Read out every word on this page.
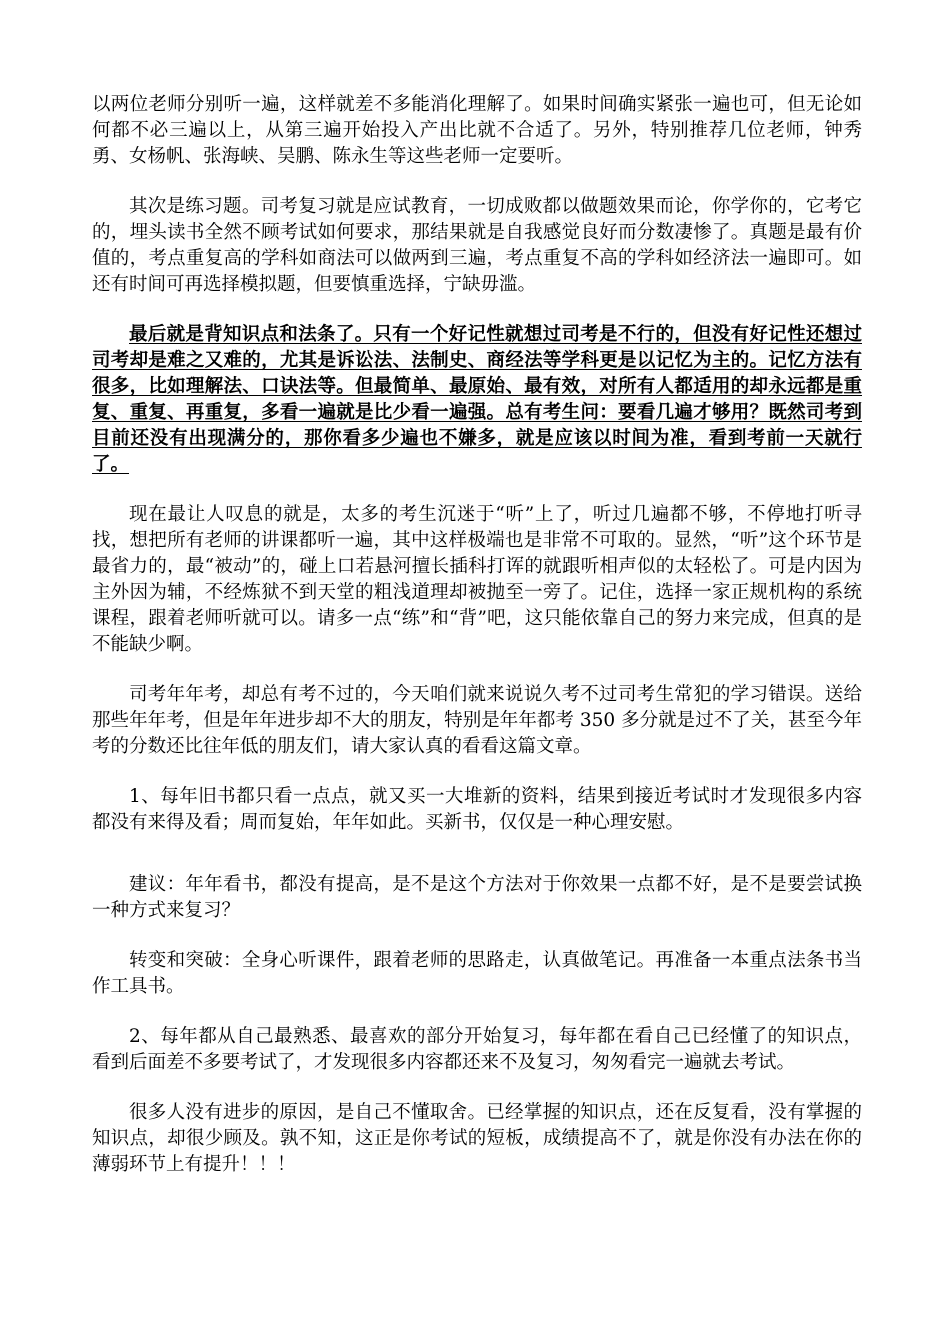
以两位老师分别听一遍，这样就差不多能消化理解了。如果时间确实紧张一遍也可，但无论如何都不必三遍以上，从第三遍开始投入产出比就不合适了。另外，特别推荐几位老师，钟秀勇、女杨帆、张海峡、吴鹏、陈永生等这些老师一定要听。

其次是练习题。司考复习就是应试教育，一切成败都以做题效果而论，你学你的，它考它的，埋头读书全然不顾考试如何要求，那结果就是自我感觉良好而分数凄惨了。真题是最有价值的，考点重复高的学科如商法可以做两到三遍，考点重复不高的学科如经济法一遍即可。如还有时间可再选择模拟题，但要慎重选择，宁缺毋滥。

最后就是背知识点和法条了。只有一个好记性就想过司考是不行的，但没有好记性还想过司考却是难之又难的，尤其是诉讼法、法制史、商经法等学科更是以记忆为主的。记忆方法有很多，比如理解法、口诀法等。但最简单、最原始、最有效，对所有人都适用的却永远都是重复、重复、再重复，多看一遍就是比少看一遍强。总有考生问：要看几遍才够用？既然司考到目前还没有出现满分的，那你看多少遍也不嫌多，就是应该以时间为准，看到考前一天就行了。

现在最让人叹息的就是，太多的考生沉迷于“听”上了，听过几遍都不够，不停地打听寻找，想把所有老师的讲课都听一遍，其中这样极端也是非常不可取的。显然，“听”这个环节是最省力的，最“被动”的，碰上口若悬河擅长插科打诨的就跟听相声似的太轻松了。可是内因为主外因为辅，不经炼狱不到天堂的粗浅道理却被抛至一旁了。记住，选择一家正规机构的系统课程，跟着老师听就可以。请多一点“练”和“背”吧，这只能依靠自己的努力来完成，但真的是不能缺少啊。

司考年年考，却总有考不过的，今天咱们就来说说久考不过司考生常犯的学习错误。送给那些年年考，但是年年进步却不大的朋友，特别是年年都考 350 多分就是过不了关，甚至今年考的分数还比往年低的朋友们，请大家认真的看看这篇文章。

1、每年旧书都只看一点点，就又买一大堆新的资料，结果到接近考试时才发现很多内容都没有来得及看；周而复始，年年如此。买新书，仅仅是一种心理安慰。

建议：年年看书，都没有提高，是不是这个方法对于你效果一点都不好，是不是要尝试换一种方式来复习？

转变和突破：全身心听课件，跟着老师的思路走，认真做笔记。再准备一本重点法条书当作工具书。

2、每年都从自己最熟悉、最喜欢的部分开始复习，每年都在看自己已经懂了的知识点，看到后面差不多要考试了，才发现很多内容都还来不及复习，匆匆看完一遍就去考试。

很多人没有进步的原因，是自己不懂取舍。已经掌握的知识点，还在反复看，没有掌握的知识点，却很少顾及。孰不知，这正是你考试的短板，成绩提高不了，就是你没有办法在你的薄弱环节上有提升！！！
